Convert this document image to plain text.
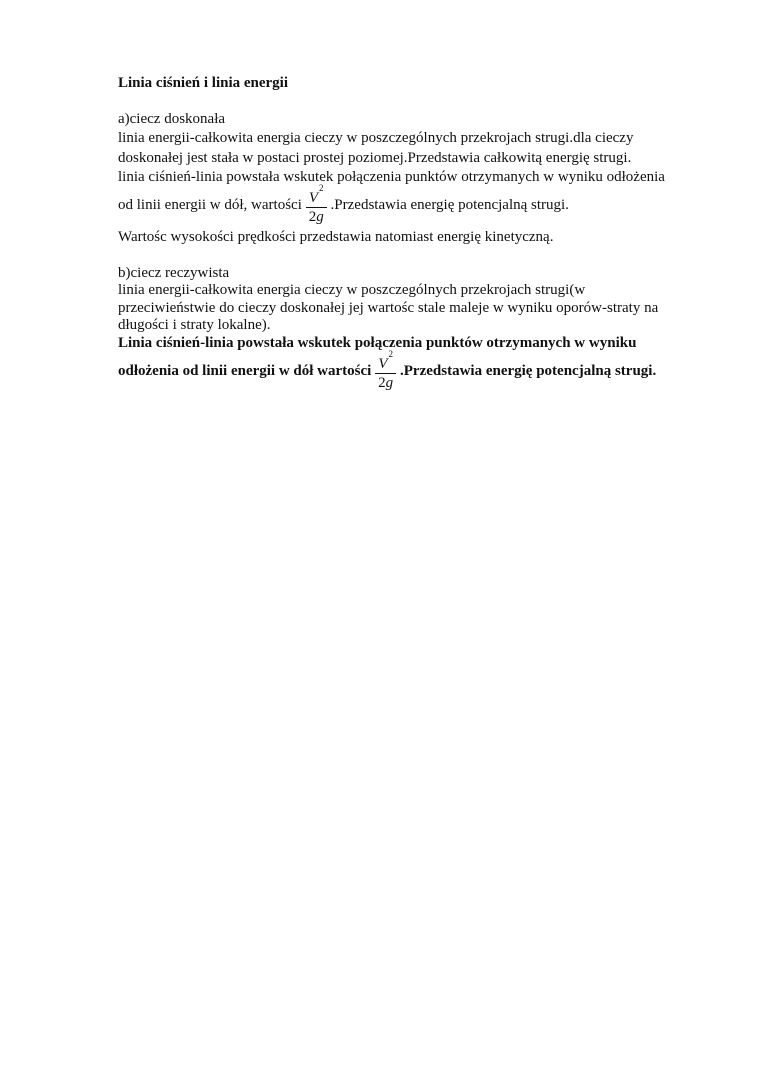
Linia ciśnień i linia energii
a)ciecz doskonała
linia energii-całkowita energia cieczy w poszczególnych przekrojach strugi.dla cieczy
doskonałej jest stała w postaci prostej poziomej.Przedstawia całkowitą energię strugi.
linia ciśnień-linia powstała wskutek połączenia punktów otrzymanych w wyniku odłożenia
od linii energii w dół, wartości $\frac{V^2}{2g}$ .Przedstawia energię potencjalną strugi.
Wartośc wysokości prędkości przedstawia natomiast energię kinetyczną.
b)ciecz reczywista
linia energii-całkowita energia cieczy w poszczególnych przekrojach strugi(w
przeciwieństwie do cieczy doskonałej jej wartośc stale maleje w wyniku oporów-straty na
długości i straty lokalne).
Linia ciśnień-linia powstała wskutek połączenia punktów otrzymanych w wyniku
odłożenia od linii energii w dół wartości $\frac{V^2}{2g}$ .Przedstawia energię potencjalną strugi.
